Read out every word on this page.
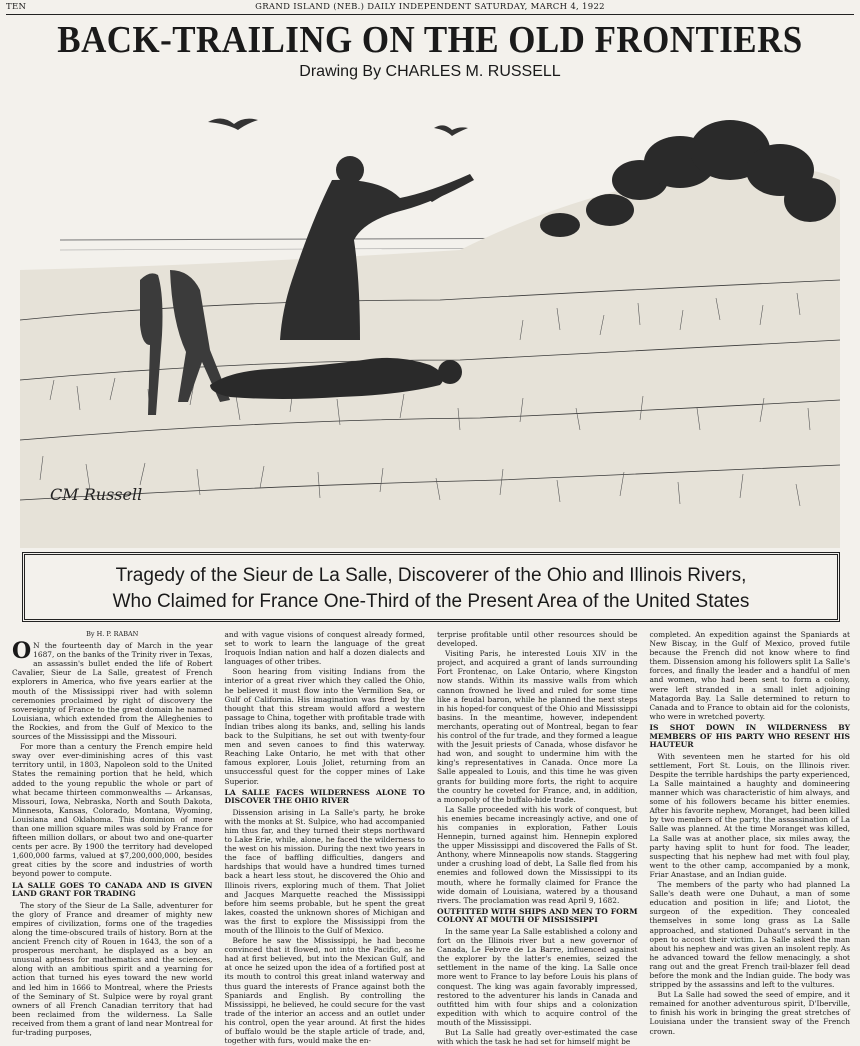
TEN	GRAND ISLAND (NEB.) DAILY INDEPENDENT SATURDAY, MARCH 4, 1922
BACK-TRAILING ON THE OLD FRONTIERS
Drawing By CHARLES M. RUSSELL
CM Russell
Tragedy of the Sieur de La Salle, Discoverer of the Ohio and Illinois Rivers,
Who Claimed for France One-Third of the Present Area of the United States
By H. P. RABAN

O N the fourteenth day of March in the year 1687, on the banks of the Trinity river in Texas, an assassin's bullet ended the life of Robert Cavalier, Sieur de La Salle, greatest of French explorers in America, who five years earlier at the mouth of the Mississippi river had with solemn ceremonies proclaimed by right of discovery the sovereignty of France to the great domain he named Louisiana, which extended from the Alleghenies to the Rockies, and from the Gulf of Mexico to the sources of the Mississippi and the Missouri.

For more than a century the French empire held sway over ever-diminishing acres of this vast territory until, in 1803, Napoleon sold to the United States the remaining portion that he held, which added to the young republic the whole or part of what became thirteen commonwealths — Arkansas, Missouri, Iowa, Nebraska, North and South Dakota, Minnesota, Kansas, Colorado, Montana, Wyoming, Louisiana and Oklahoma. This dominion of more than one million square miles was sold by France for fifteen million dollars, or about two and one-quarter cents per acre. By 1900 the territory had developed 1,600,000 farms, valued at $7,200,000,000, besides great cities by the score and industries of worth beyond power to compute.

LA SALLE GOES TO CANADA AND IS GIVEN LAND GRANT FOR TRADING

The story of the Sieur de La Salle, adventurer for the glory of France and dreamer of mighty new empires of civilization, forms one of the tragedies along the time-obscured trails of history. Born at the ancient French city of Rouen in 1643, the son of a prosperous merchant, he displayed as a boy an unusual aptness for mathematics and the sciences, along with an ambitious spirit and a yearning for action that turned his eyes toward the new world and led him in 1666 to Montreal, where the Priests of the Seminary of St. Sulpice were by royal grant owners of all French Canadian territory that had been reclaimed from the wilderness. La Salle received from them a grant of land near Montreal for fur-trading purposes,

and with vague visions of conquest already formed, set to work to learn the language of the great Iroquois Indian nation and half a dozen dialects and languages of other tribes.

Soon hearing from visiting Indians from the interior of a great river which they called the Ohio, he believed it must flow into the Vermilion Sea, or Gulf of California. His imagination was fired by the thought that this stream would afford a western passage to China, together with profitable trade with Indian tribes along its banks, and, selling his lands back to the Sulpitians, he set out with twenty-four men and seven canoes to find this waterway. Reaching Lake Ontario, he met with that other famous explorer, Louis Joliet, returning from an unsuccessful quest for the copper mines of Lake Superior.

LA SALLE FACES WILDERNESS ALONE TO DISCOVER THE OHIO RIVER

Dissension arising in La Salle's party, he broke with the monks at St. Sulpice, who had accompanied him thus far, and they turned their steps northward to Lake Erie, while, alone, he faced the wilderness to the west on his mission. During the next two years in the face of baffling difficulties, dangers and hardships that would have a hundred times turned back a heart less stout, he discovered the Ohio and Illinois rivers, exploring much of them. That Joliet and Jacques Marquette reached the Mississippi before him seems probable, but he spent the great lakes, coasted the unknown shores of Michigan and was the first to explore the Mississippi from the mouth of the Illinois to the Gulf of Mexico.

Before he saw the Mississippi, he had become convinced that it flowed, not into the Pacific, as he had at first believed, but into the Mexican Gulf, and at once he seized upon the idea of a fortified post at its mouth to control this great inland waterway and thus guard the interests of France against both the Spaniards and English. By controlling the Mississippi, he believed, he could secure for the vast trade of the interior an access and an outlet under his control, open the year around. At first the hides of buffalo would be the staple article of trade, and, together with furs, would make the en-

terprise profitable until other resources should be developed.

Visiting Paris, he interested Louis XIV in the project, and acquired a grant of lands surrounding Fort Frontenac, on Lake Ontario, where Kingston now stands. Within its massive walls from which cannon frowned he lived and ruled for some time like a feudal baron, while he planned the next steps in his hoped-for conquest of the Ohio and Mississippi basins. In the meantime, however, independent merchants, operating out of Montreal, began to fear his control of the fur trade, and they formed a league with the Jesuit priests of Canada, whose disfavor he had won, and sought to undermine him with the king's representatives in Canada. Once more La Salle appealed to Louis, and this time he was given grants for building more forts, the right to acquire the country he coveted for France, and, in addition, a monopoly of the buffalo-hide trade.

La Salle proceeded with his work of conquest, but his enemies became increasingly active, and one of his companies in exploration, Father Louis Hennepin, turned against him. Hennepin explored the upper Mississippi and discovered the Falls of St. Anthony, where Minneapolis now stands. Staggering under a crushing load of debt, La Salle fled from his enemies and followed down the Mississippi to its mouth, where he formally claimed for France the wide domain of Louisiana, watered by a thousand rivers. The proclamation was read April 9, 1682.

OUTFITTED WITH SHIPS AND MEN TO FORM COLONY AT MOUTH OF MISSISSIPPI

In the same year La Salle established a colony and fort on the Illinois river but a new governor of Canada, Le Febvre de La Barre, influenced against the explorer by the latter's enemies, seized the settlement in the name of the king. La Salle once more went to France to lay before Louis his plans of conquest. The king was again favorably impressed, restored to the adventurer his lands in Canada and outfitted him with four ships and a colonization expedition with which to acquire control of the mouth of the Mississippi.

But La Salle had greatly over-estimated the case with which the task he had set for himself might be

completed. An expedition against the Spaniards at New Biscay, in the Gulf of Mexico, proved futile because the French did not know where to find them. Dissension among his followers split La Salle's forces, and finally the leader and a handful of men and women, who had been sent to form a colony, were left stranded in a small inlet adjoining Matagorda Bay. La Salle determined to return to Canada and to France to obtain aid for the colonists, who were in wretched poverty.

IS SHOT DOWN IN WILDERNESS BY MEMBERS OF HIS PARTY WHO RESENT HIS HAUTEUR

With seventeen men he started for his old settlement, Fort St. Louis, on the Illinois river. Despite the terrible hardships the party experienced, La Salle maintained a haughty and domineering manner which was characteristic of him always, and some of his followers became his bitter enemies. After his favorite nephew, Moranget, had been killed by two members of the party, the assassination of La Salle was planned. At the time Moranget was killed, La Salle was at another place, six miles away, the party having split to hunt for food. The leader, suspecting that his nephew had met with foul play, went to the other camp, accompanied by a monk, Friar Anastase, and an Indian guide.

The members of the party who had planned La Salle's death were one Duhaut, a man of some education and position in life; and Liotot, the surgeon of the expedition. They concealed themselves in some long grass as La Salle approached, and stationed Duhaut's servant in the open to accost their victim. La Salle asked the man about his nephew and was given an insolent reply. As he advanced toward the fellow menacingly, a shot rang out and the great French trail-blazer fell dead before the monk and the Indian guide. The body was stripped by the assassins and left to the vultures.

But La Salle had sowed the seed of empire, and it remained for another adventurous spirit, D'Iberville, to finish his work in bringing the great stretches of Louisiana under the transient sway of the French crown.
